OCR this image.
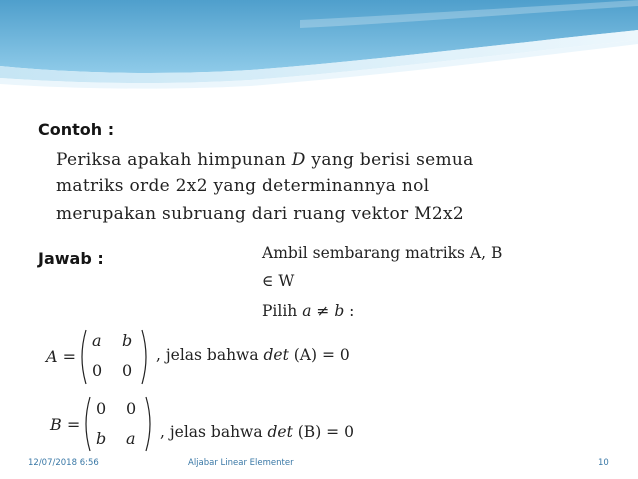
Contoh :
Periksa apakah himpunan D yang berisi semua
matriks orde 2x2 yang determinannya nol
merupakan subruang dari ruang vektor M2x2
Jawab :	Ambil sembarang matriks A, B
∈ W
Pilih a ≠ b :
A =
a b
0 0
, jelas bahwa det (A) = 0
B =
0 0
b a , jelas bahwa det (B) = 0
12/07/2018 6:56	Aljabar Linear Elementer	10
